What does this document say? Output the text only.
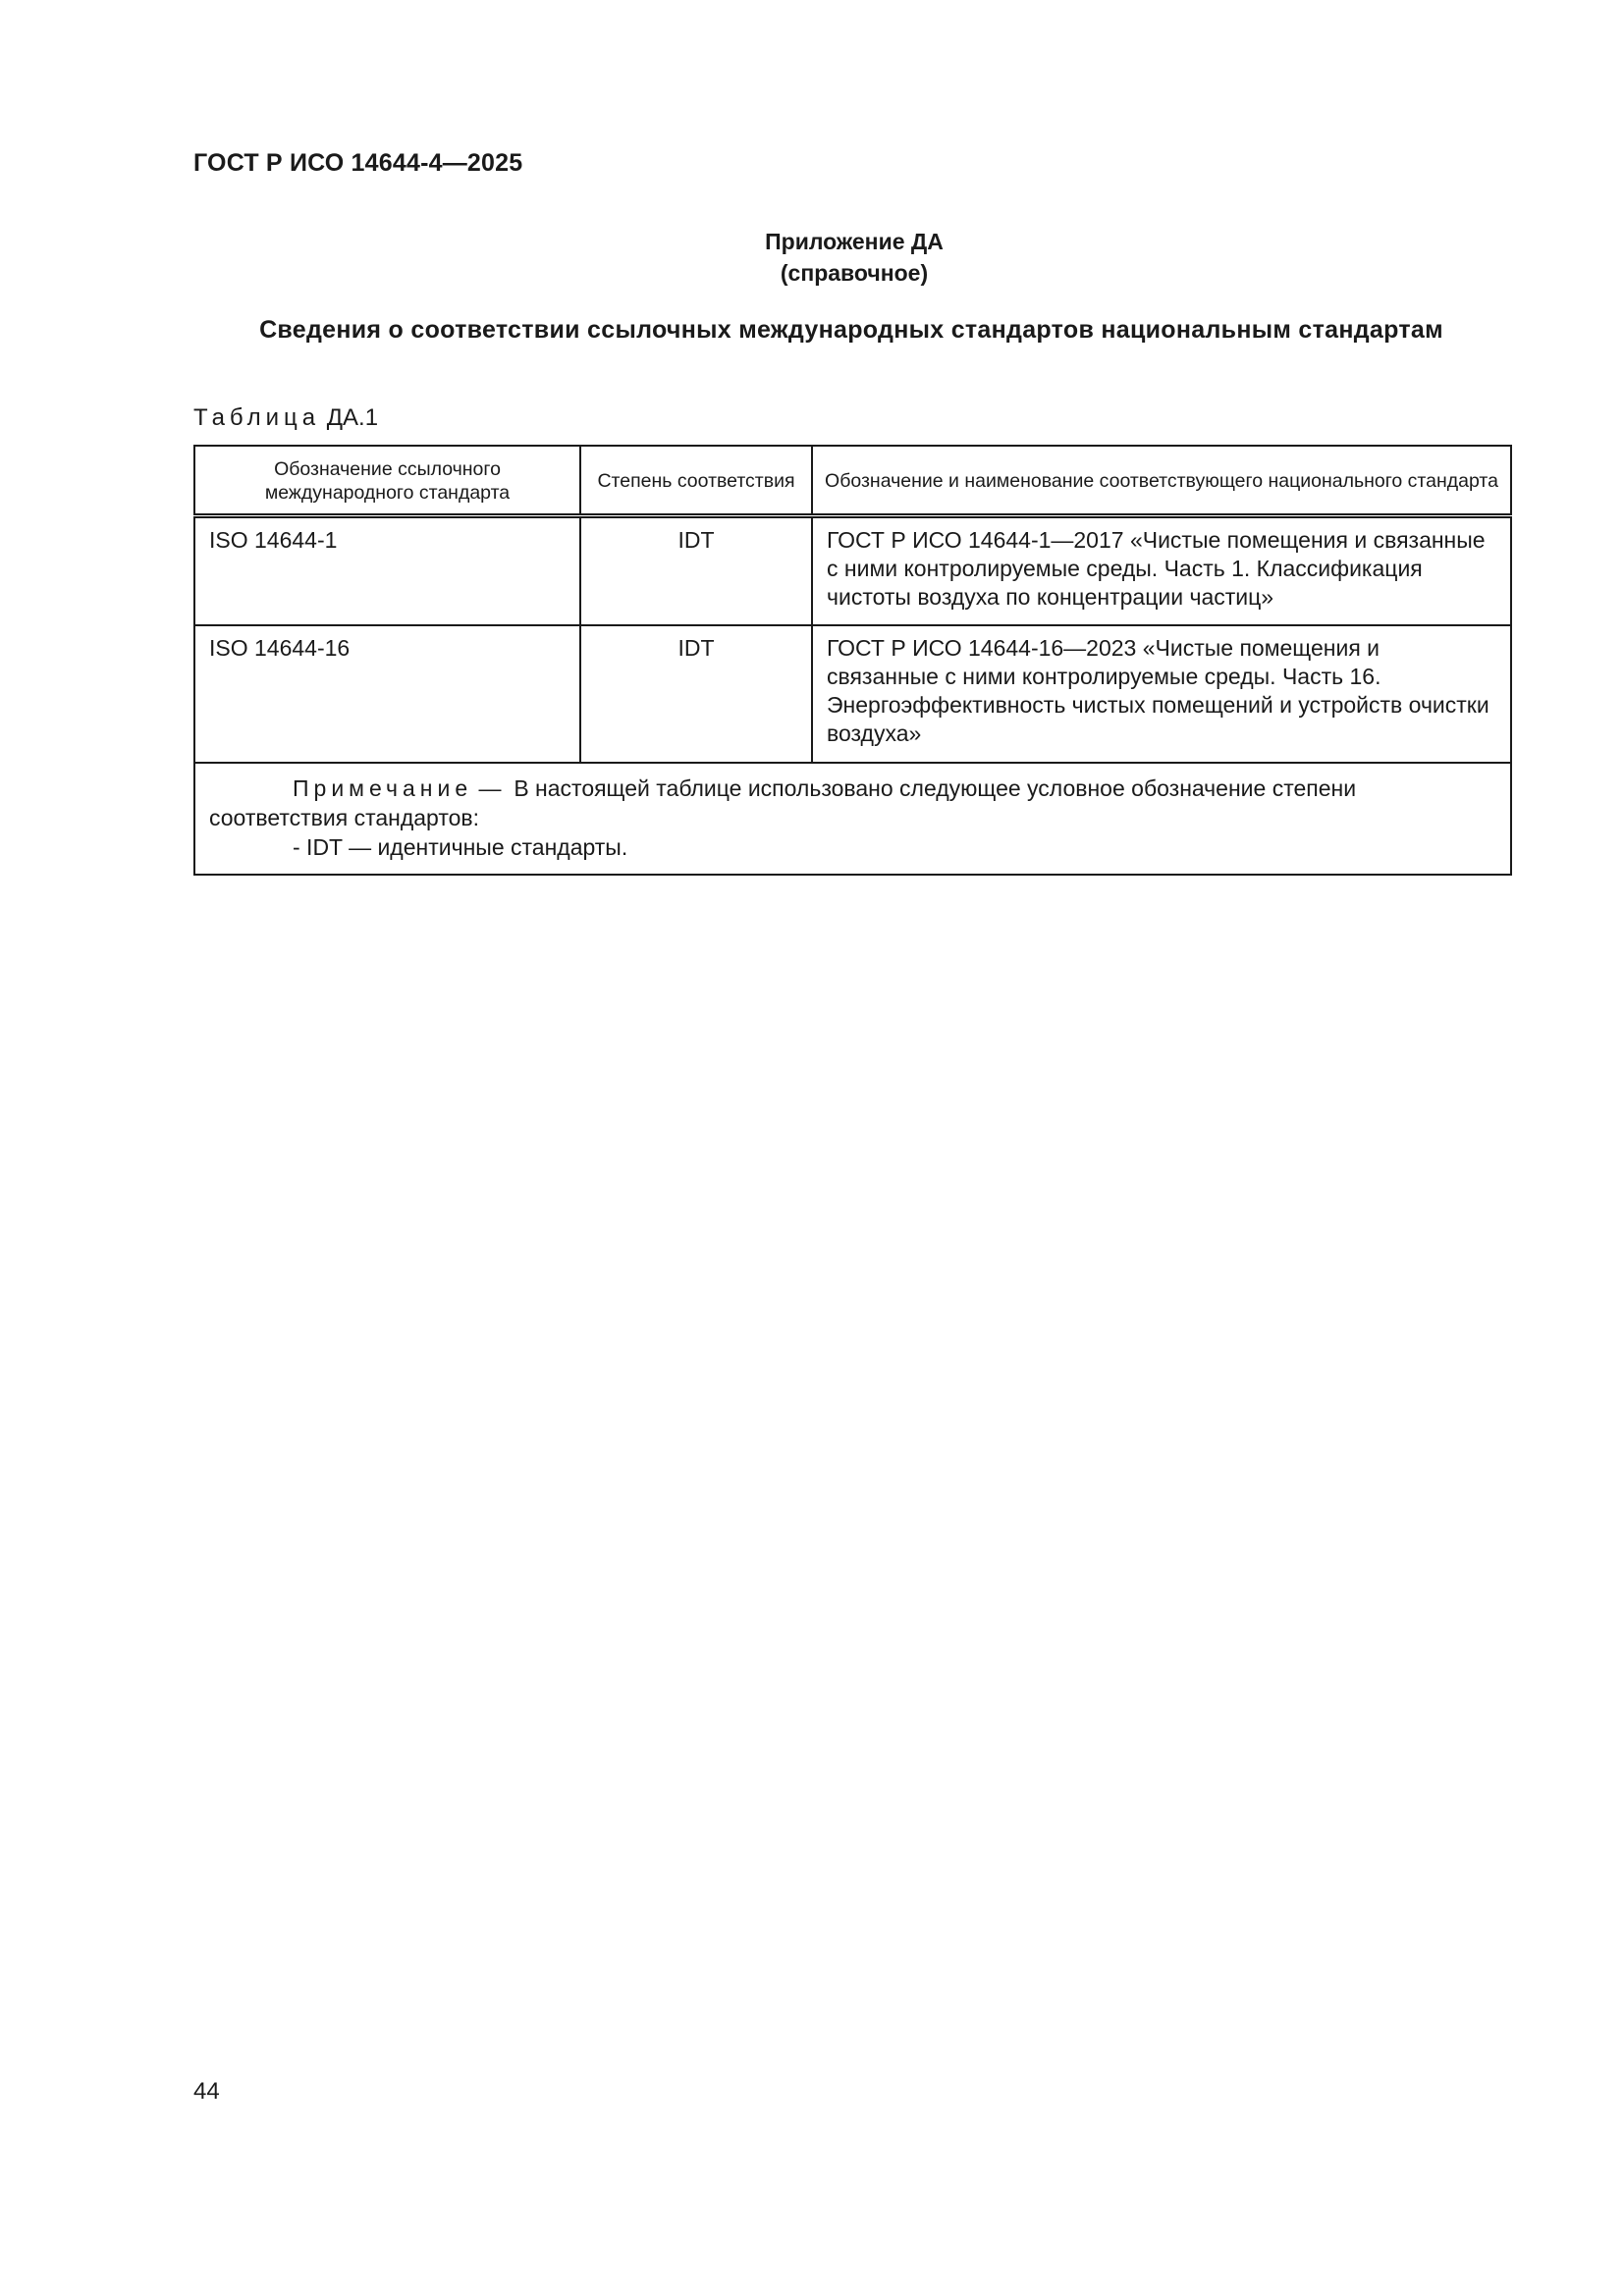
ГОСТ Р ИСО 14644-4—2025
Приложение ДА
(справочное)
Сведения о соответствии ссылочных международных стандартов национальным стандартам
Таблица ДА.1
Обозначение ссылочного международного стандарта	Степень соответствия	Обозначение и наименование соответствующего национального стандарта
ISO 14644-1	IDT	ГОСТ Р ИСО 14644-1—2017 «Чистые помещения и связанные с ними контролируемые среды. Часть 1. Классификация чистоты воздуха по концентрации частиц»
ISO 14644-16	IDT	ГОСТ Р ИСО 14644-16—2023 «Чистые помещения и связанные с ними контролируемые среды. Часть 16. Энергоэффективность чистых помещений и устройств очистки воздуха»

Примечание — В настоящей таблице использовано следующее условное обозначение степени соответствия стандартов:
- IDT — идентичные стандарты.		
44
